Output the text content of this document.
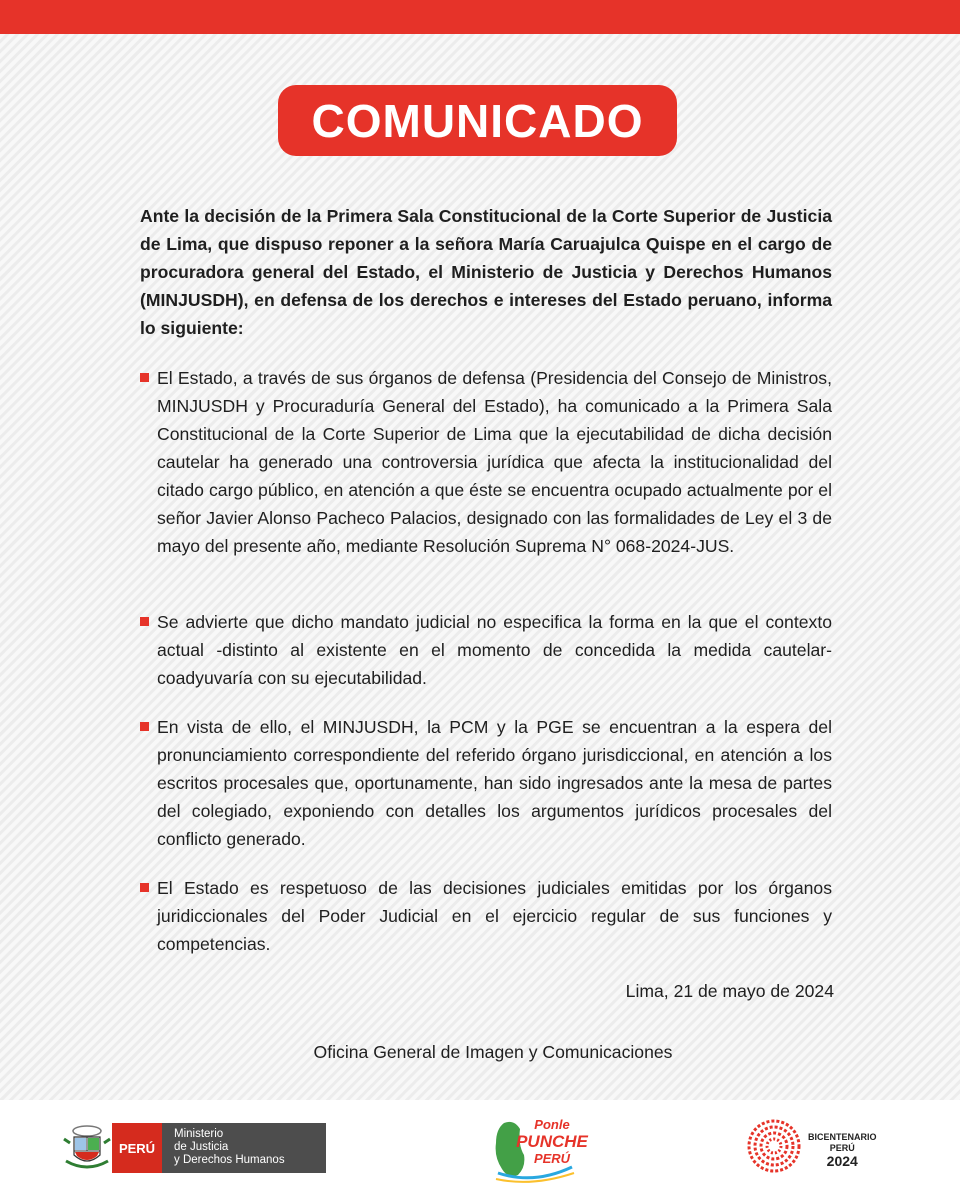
COMUNICADO

Ante la decisión de la Primera Sala Constitucional de la Corte Superior de Justicia de Lima, que dispuso reponer a la señora María Caruajulca Quispe en el cargo de procuradora general del Estado, el Ministerio de Justicia y Derechos Humanos (MINJUSDH), en defensa de los derechos e intereses del Estado peruano, informa lo siguiente:

El Estado, a través de sus órganos de defensa (Presidencia del Consejo de Ministros, MINJUSDH y Procuraduría General del Estado), ha comunicado a la Primera Sala Constitucional de la Corte Superior de Lima que la ejecutabilidad de dicha decisión cautelar ha generado una controversia jurídica que afecta la institucionalidad del citado cargo público, en atención a que éste se encuentra ocupado actualmente por el señor Javier Alonso Pacheco Palacios, designado con las formalidades de Ley el 3 de mayo del presente año, mediante Resolución Suprema N° 068-2024-JUS.

Se advierte que dicho mandato judicial no especifica la forma en la que el contexto actual -distinto al existente en el momento de concedida la medida cautelar- coadyuvaría con su ejecutabilidad.

En vista de ello, el MINJUSDH, la PCM y la PGE se encuentran a la espera del pronunciamiento correspondiente del referido órgano jurisdiccional, en atención a los escritos procesales que, oportunamente, han sido ingresados ante la mesa de partes del colegiado, exponiendo con detalles los argumentos jurídicos procesales del conflicto generado.

El Estado es respetuoso de las decisiones judiciales emitidas por los órganos juridiccionales del Poder Judicial en el ejercicio regular de sus funciones y competencias.

Lima, 21 de mayo de 2024
Oficina General de Imagen y Comunicaciones
PERÚ
Ministerio
de Justicia
y Derechos Humanos
Ponle
PUNCHE
PERÚ
BICENTENARIO
PERÚ
2024
